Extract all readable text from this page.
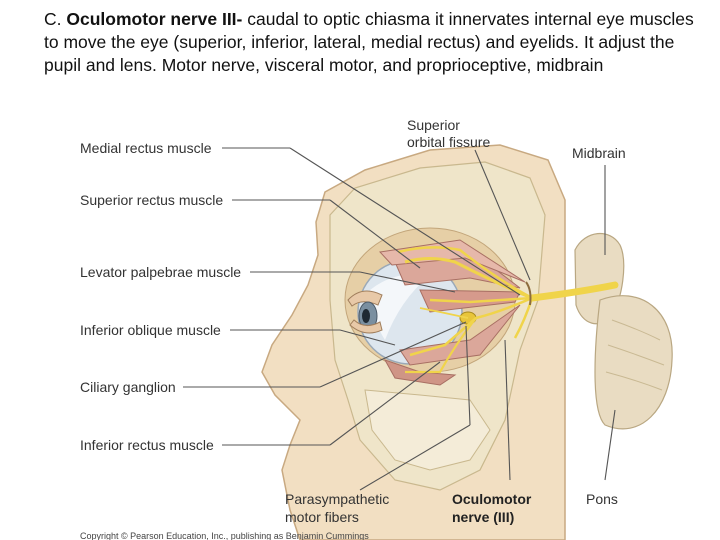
C. Oculomotor nerve III- caudal to optic chiasma it innervates internal eye muscles to move the eye (superior, inferior, lateral, medial rectus) and eyelids. It adjust the pupil and lens. Motor nerve, visceral motor, and proprioceptive, midbrain
Medial rectus muscle
Superior rectus muscle
Levator palpebrae muscle
Inferior oblique muscle
Ciliary ganglion
Inferior rectus muscle
Superior
orbital fissure
Midbrain
Parasympathetic
motor fibers
Oculomotor
nerve (III)
Pons
Copyright © Pearson Education, Inc., publishing as Benjamin Cummings
